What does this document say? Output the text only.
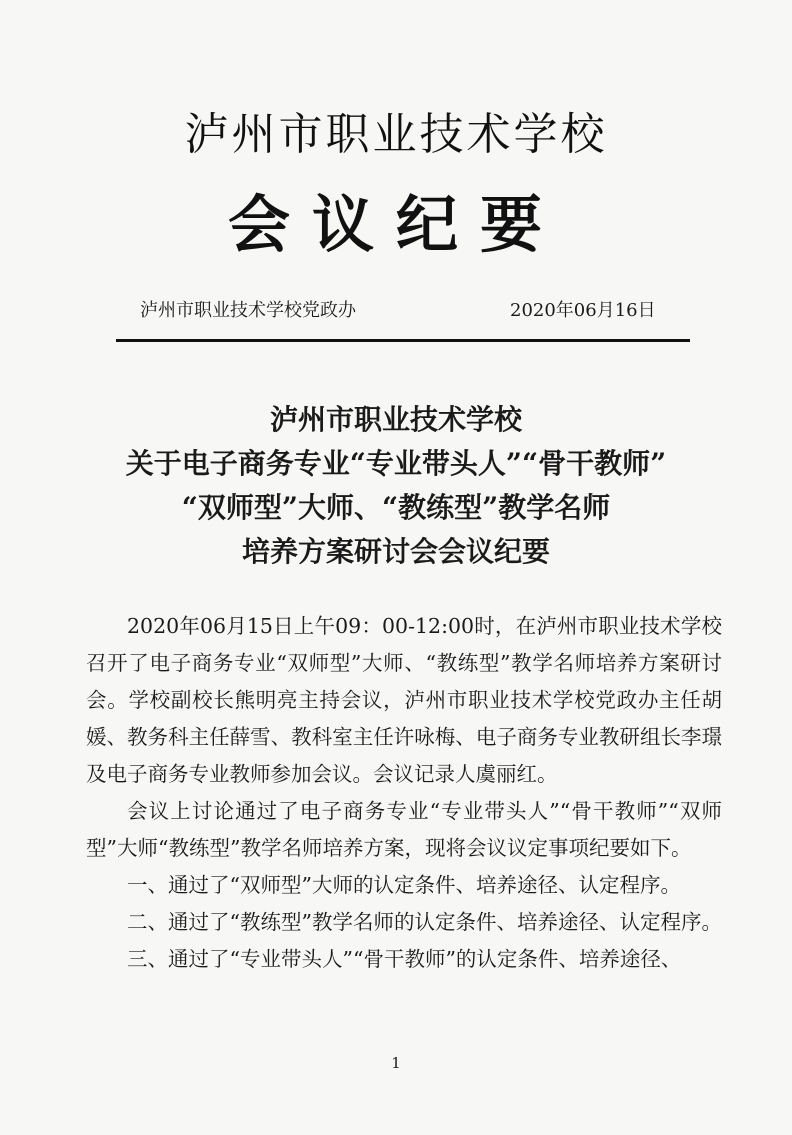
泸州市职业技术学校
会议纪要
泸州市职业技术学校党政办	2020年06月16日
泸州市职业技术学校
关于电子商务专业“专业带头人”“骨干教师”
“双师型”大师、“教练型”教学名师
培养方案研讨会会议纪要

2020年06月15日上午09：00-12:00时，在泸州市职业技术学校召开了电子商务专业“双师型”大师、“教练型”教学名师培养方案研讨会。学校副校长熊明亮主持会议，泸州市职业技术学校党政办主任胡媛、教务科主任薛雪、教科室主任许咏梅、电子商务专业教研组长李璟及电子商务专业教师参加会议。会议记录人虞丽红。

会议上讨论通过了电子商务专业“专业带头人”“骨干教师”“双师型”大师“教练型”教学名师培养方案，现将会议议定事项纪要如下。

一、通过了“双师型”大师的认定条件、培养途径、认定程序。

二、通过了“教练型”教学名师的认定条件、培养途径、认定程序。

三、通过了“专业带头人”“骨干教师”的认定条件、培养途径、

1
